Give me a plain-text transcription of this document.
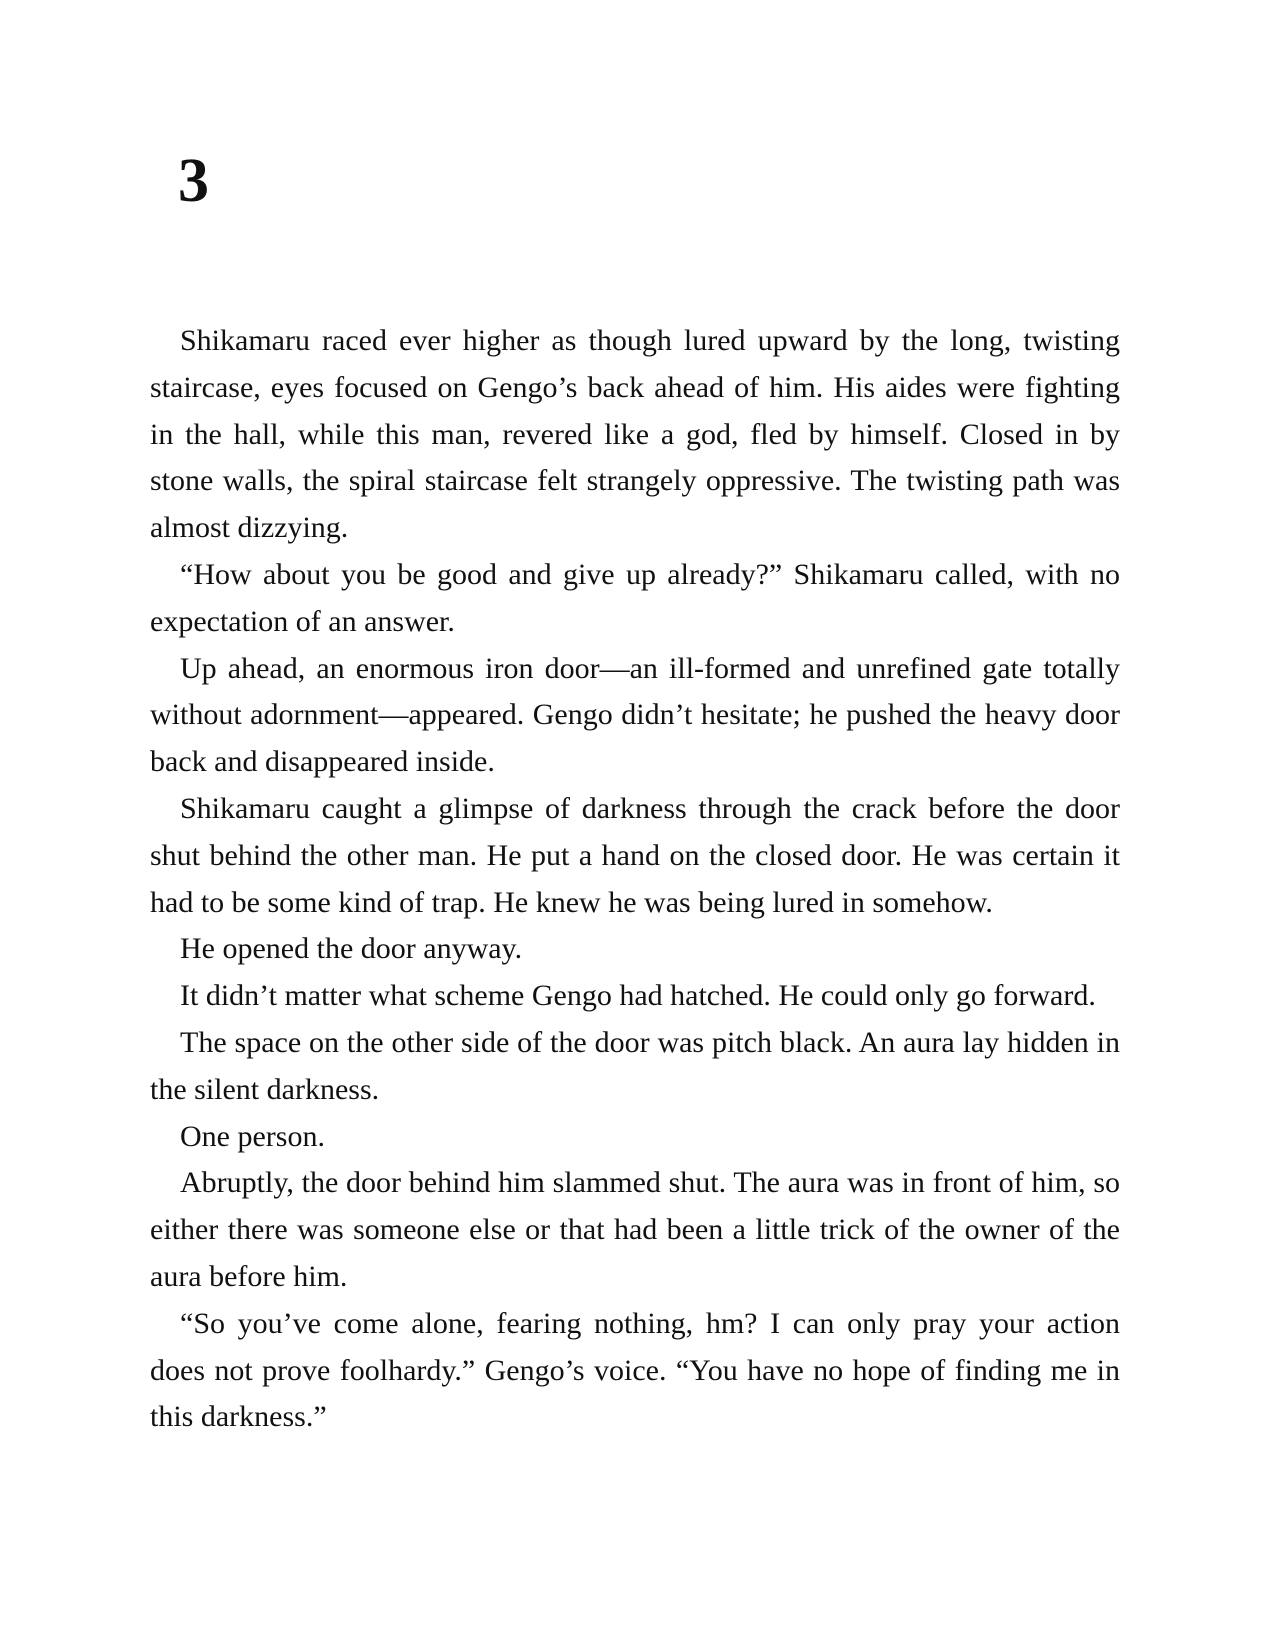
3

Shikamaru raced ever higher as though lured upward by the long, twisting staircase, eyes focused on Gengo’s back ahead of him. His aides were fighting in the hall, while this man, revered like a god, fled by himself. Closed in by stone walls, the spiral staircase felt strangely oppressive. The twisting path was almost dizzying.

“How about you be good and give up already?” Shikamaru called, with no expectation of an answer.

Up ahead, an enormous iron door—an ill-formed and unrefined gate totally without adornment—appeared. Gengo didn’t hesitate; he pushed the heavy door back and disappeared inside.

Shikamaru caught a glimpse of darkness through the crack before the door shut behind the other man. He put a hand on the closed door. He was certain it had to be some kind of trap. He knew he was being lured in somehow.

He opened the door anyway.

It didn’t matter what scheme Gengo had hatched. He could only go forward.

The space on the other side of the door was pitch black. An aura lay hidden in the silent darkness.

One person.

Abruptly, the door behind him slammed shut. The aura was in front of him, so either there was someone else or that had been a little trick of the owner of the aura before him.

“So you’ve come alone, fearing nothing, hm? I can only pray your action does not prove foolhardy.” Gengo’s voice. “You have no hope of finding me in this darkness.”
